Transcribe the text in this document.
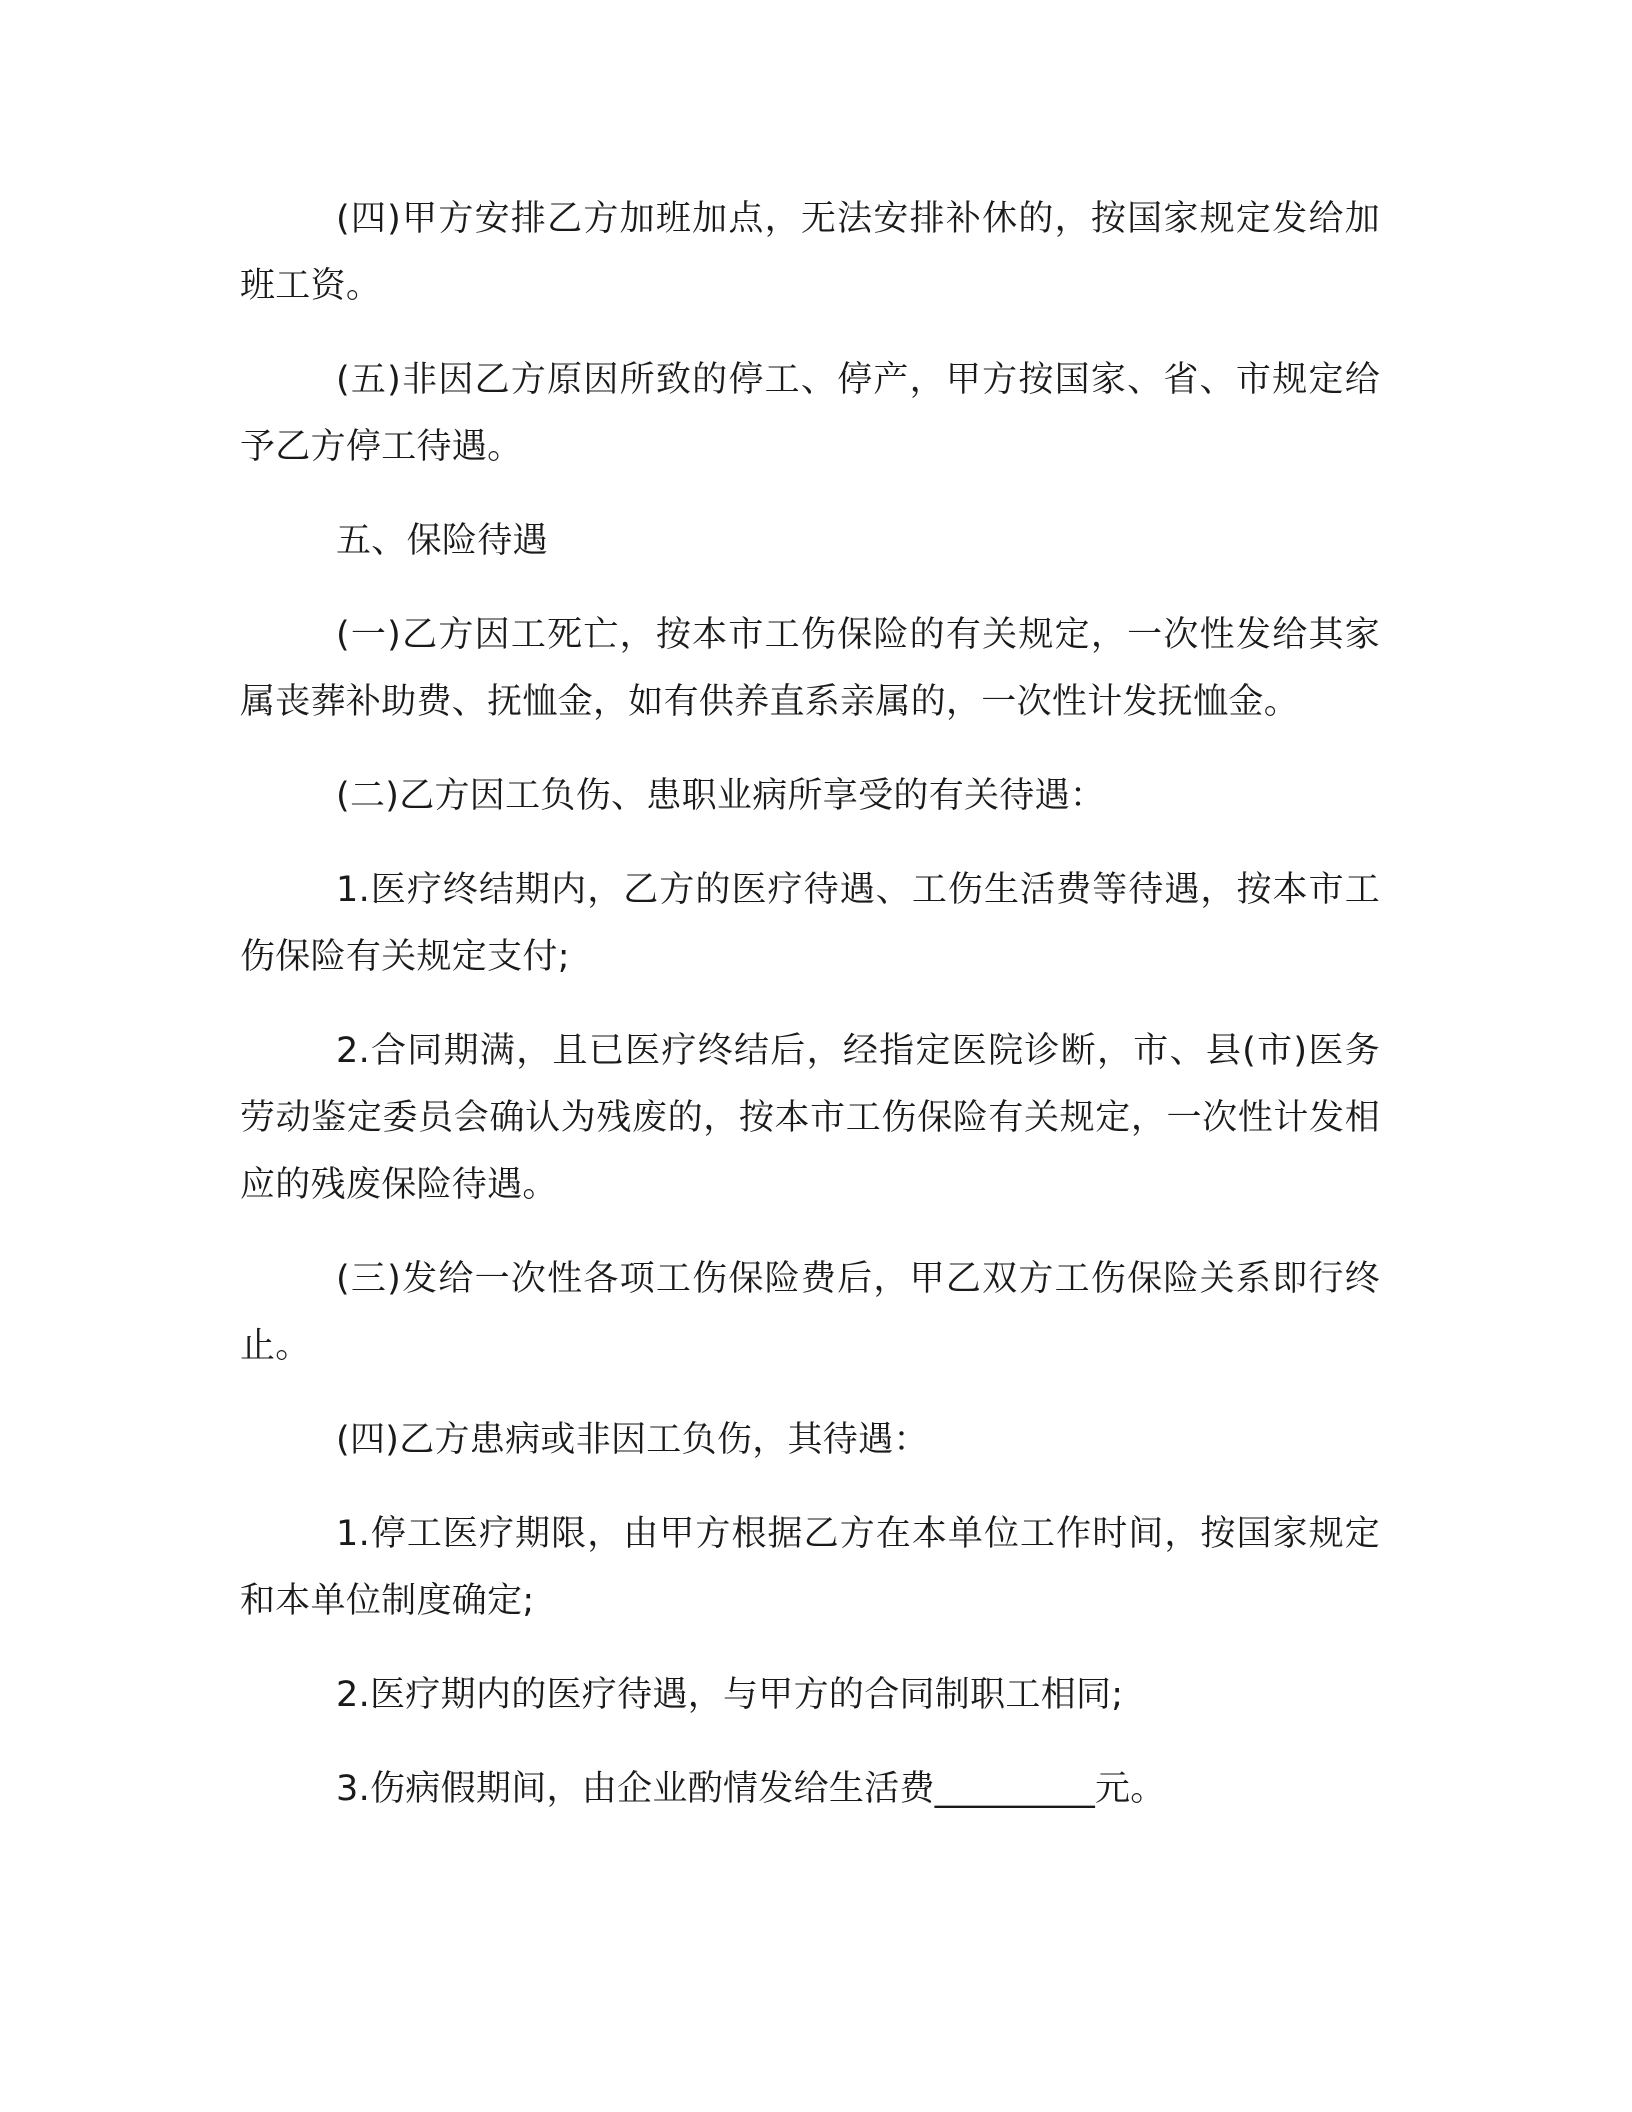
(四)甲方安排乙方加班加点，无法安排补休的，按国家规定发给加班工资。

(五)非因乙方原因所致的停工、停产，甲方按国家、省、市规定给予乙方停工待遇。

五、保险待遇

(一)乙方因工死亡，按本市工伤保险的有关规定，一次性发给其家属丧葬补助费、抚恤金，如有供养直系亲属的，一次性计发抚恤金。

(二)乙方因工负伤、患职业病所享受的有关待遇：

1.医疗终结期内，乙方的医疗待遇、工伤生活费等待遇，按本市工伤保险有关规定支付;

2.合同期满，且已医疗终结后，经指定医院诊断，市、县(市)医务劳动鉴定委员会确认为残废的，按本市工伤保险有关规定，一次性计发相应的残废保险待遇。

(三)发给一次性各项工伤保险费后，甲乙双方工伤保险关系即行终止。

(四)乙方患病或非因工负伤，其待遇：

1.停工医疗期限，由甲方根据乙方在本单位工作时间，按国家规定和本单位制度确定;

2.医疗期内的医疗待遇，与甲方的合同制职工相同;

3.伤病假期间，由企业酌情发给生活费_________元。
